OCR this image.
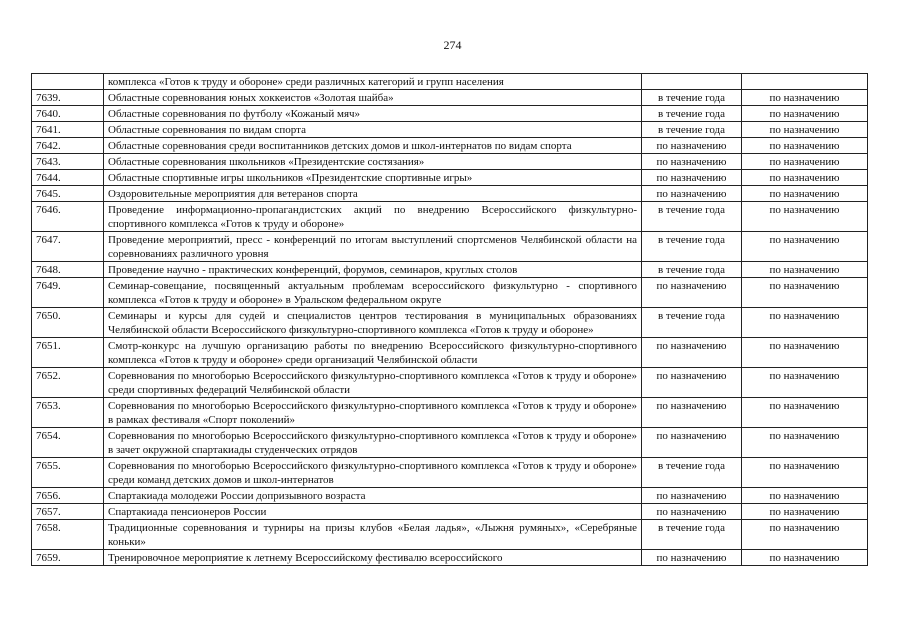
274
	комплекса «Готов к труду и обороне» среди различных категорий и групп населения		
7639.	Областные соревнования юных хоккеистов «Золотая шайба»	в течение года	по назначению
7640.	Областные соревнования по футболу «Кожаный мяч»	в течение года	по назначению
7641.	Областные соревнования по видам спорта	в течение года	по назначению
7642.	Областные соревнования среди воспитанников детских домов и школ-интернатов по видам спорта	по назначению	по назначению
7643.	Областные соревнования школьников «Президентские состязания»	по назначению	по назначению
7644.	Областные спортивные игры школьников «Президентские спортивные игры»	по назначению	по назначению
7645.	Оздоровительные мероприятия для ветеранов спорта	по назначению	по назначению
7646.	Проведение информационно-пропагандистских акций по внедрению Всероссийского физкультурно-спортивного комплекса «Готов к труду и обороне»	в течение года	по назначению
7647.	Проведение мероприятий, пресс - конференций по итогам выступлений спортсменов Челябинской области на соревнованиях различного уровня	в течение года	по назначению
7648.	Проведение научно - практических конференций, форумов, семинаров, круглых столов	в течение года	по назначению
7649.	Семинар-совещание, посвященный актуальным проблемам всероссийского физкультурно - спортивного комплекса «Готов к труду и обороне» в Уральском федеральном округе	по назначению	по назначению
7650.	Семинары и курсы для судей и специалистов центров тестирования в муниципальных образованиях Челябинской области Всероссийского физкультурно-спортивного комплекса «Готов к труду и обороне»	в течение года	по назначению
7651.	Смотр-конкурс на лучшую организацию работы по внедрению Всероссийского физкультурно-спортивного комплекса «Готов к труду и обороне» среди организаций Челябинской области	по назначению	по назначению
7652.	Соревнования по многоборью Всероссийского физкультурно-спортивного комплекса «Готов к труду и обороне» среди спортивных федераций Челябинской области	по назначению	по назначению
7653.	Соревнования по многоборью Всероссийского физкультурно-спортивного комплекса «Готов к труду и обороне» в рамках фестиваля «Спорт поколений»	по назначению	по назначению
7654.	Соревнования по многоборью Всероссийского физкультурно-спортивного комплекса «Готов к труду и обороне» в зачет окружной спартакиады студенческих отрядов	по назначению	по назначению
7655.	Соревнования по многоборью Всероссийского физкультурно-спортивного комплекса «Готов к труду и обороне» среди команд детских домов и школ-интернатов	в течение года	по назначению
7656.	Спартакиада молодежи России допризывного возраста	по назначению	по назначению
7657.	Спартакиада пенсионеров России	по назначению	по назначению
7658.	Традиционные соревнования и турниры на призы клубов «Белая ладья», «Лыжня румяных», «Серебряные коньки»	в течение года	по назначению
7659.	Тренировочное мероприятие к летнему Всероссийскому фестивалю всероссийского	по назначению	по назначению
